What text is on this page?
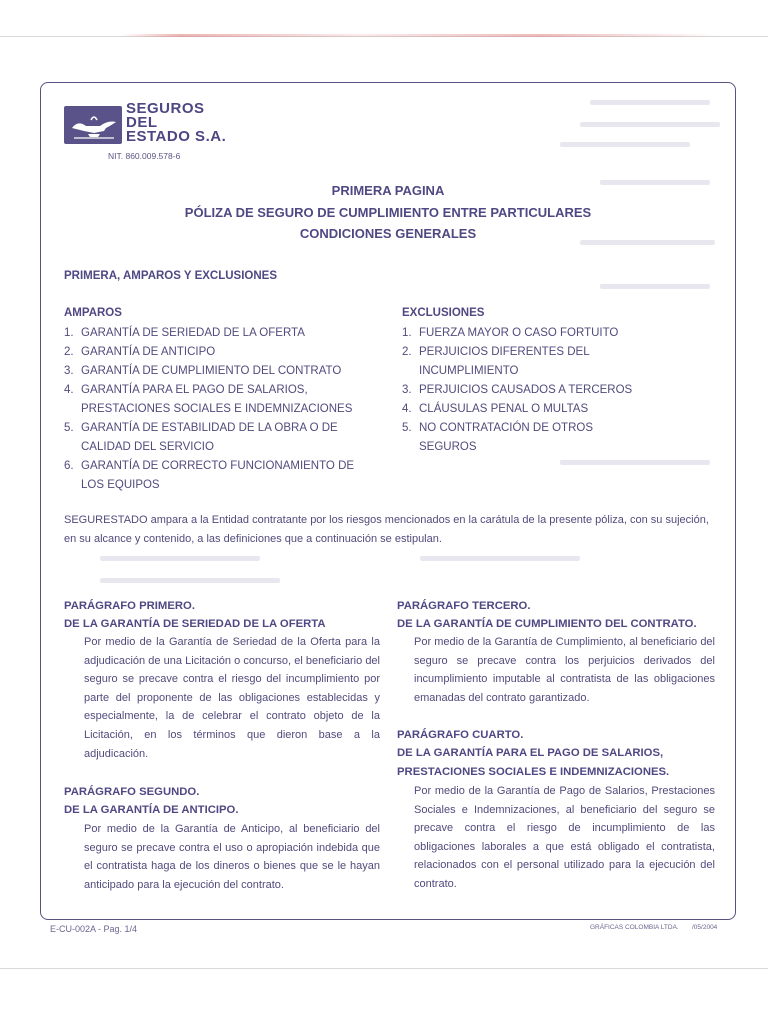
SEGUROS
DEL
ESTADO S.A.
NIT. 860.009.578-6
PRIMERA PAGINA
PÓLIZA DE SEGURO DE CUMPLIMIENTO ENTRE PARTICULARES
CONDICIONES GENERALES
PRIMERA, AMPAROS Y EXCLUSIONES
AMPAROS
1. GARANTÍA DE SERIEDAD DE LA OFERTA
2. GARANTÍA DE ANTICIPO
3. GARANTÍA DE CUMPLIMIENTO DEL CONTRATO
4. GARANTÍA PARA EL PAGO DE SALARIOS, PRESTACIONES SOCIALES E INDEMNIZACIONES
5. GARANTÍA DE ESTABILIDAD DE LA OBRA O DE CALIDAD DEL SERVICIO
6. GARANTÍA DE CORRECTO FUNCIONAMIENTO DE LOS EQUIPOS
EXCLUSIONES
1. FUERZA MAYOR O CASO FORTUITO
2. PERJUICIOS DIFERENTES DEL INCUMPLIMIENTO
3. PERJUICIOS CAUSADOS A TERCEROS
4. CLÁUSULAS PENAL O MULTAS
5. NO CONTRATACIÓN DE OTROS SEGUROS
SEGURESTADO ampara a la Entidad contratante por los riesgos mencionados en la carátula de la presente póliza, con su sujeción, en su alcance y contenido, a las definiciones que a continuación se estipulan.
PARÁGRAFO PRIMERO.
DE LA GARANTÍA DE SERIEDAD DE LA OFERTA
Por medio de la Garantía de Seriedad de la Oferta para la adjudicación de una Licitación o concurso, el beneficiario del seguro se precave contra el riesgo del incumplimiento por parte del proponente de las obligaciones establecidas y especialmente, la de celebrar el contrato objeto de la Licitación, en los términos que dieron base a la adjudicación.
PARÁGRAFO SEGUNDO.
DE LA GARANTÍA DE ANTICIPO.
Por medio de la Garantía de Anticipo, al beneficiario del seguro se precave contra el uso o apropiación indebida que el contratista haga de los dineros o bienes que se le hayan anticipado para la ejecución del contrato.
PARÁGRAFO TERCERO.
DE LA GARANTÍA DE CUMPLIMIENTO DEL CONTRATO.
Por medio de la Garantía de Cumplimiento, al beneficiario del seguro se precave contra los perjuicios derivados del incumplimiento imputable al contratista de las obligaciones emanadas del contrato garantizado.
PARÁGRAFO CUARTO.
DE LA GARANTÍA PARA EL PAGO DE SALARIOS,
PRESTACIONES SOCIALES E INDEMNIZACIONES.
Por medio de la Garantía de Pago de Salarios, Prestaciones Sociales e Indemnizaciones, al beneficiario del seguro se precave contra el riesgo de incumplimiento de las obligaciones laborales a que está obligado el contratista, relacionados con el personal utilizado para la ejecución del contrato.
E-CU-002A - Pag. 1/4	GRÁFICAS COLOMBIA LTDA. /05/2004
